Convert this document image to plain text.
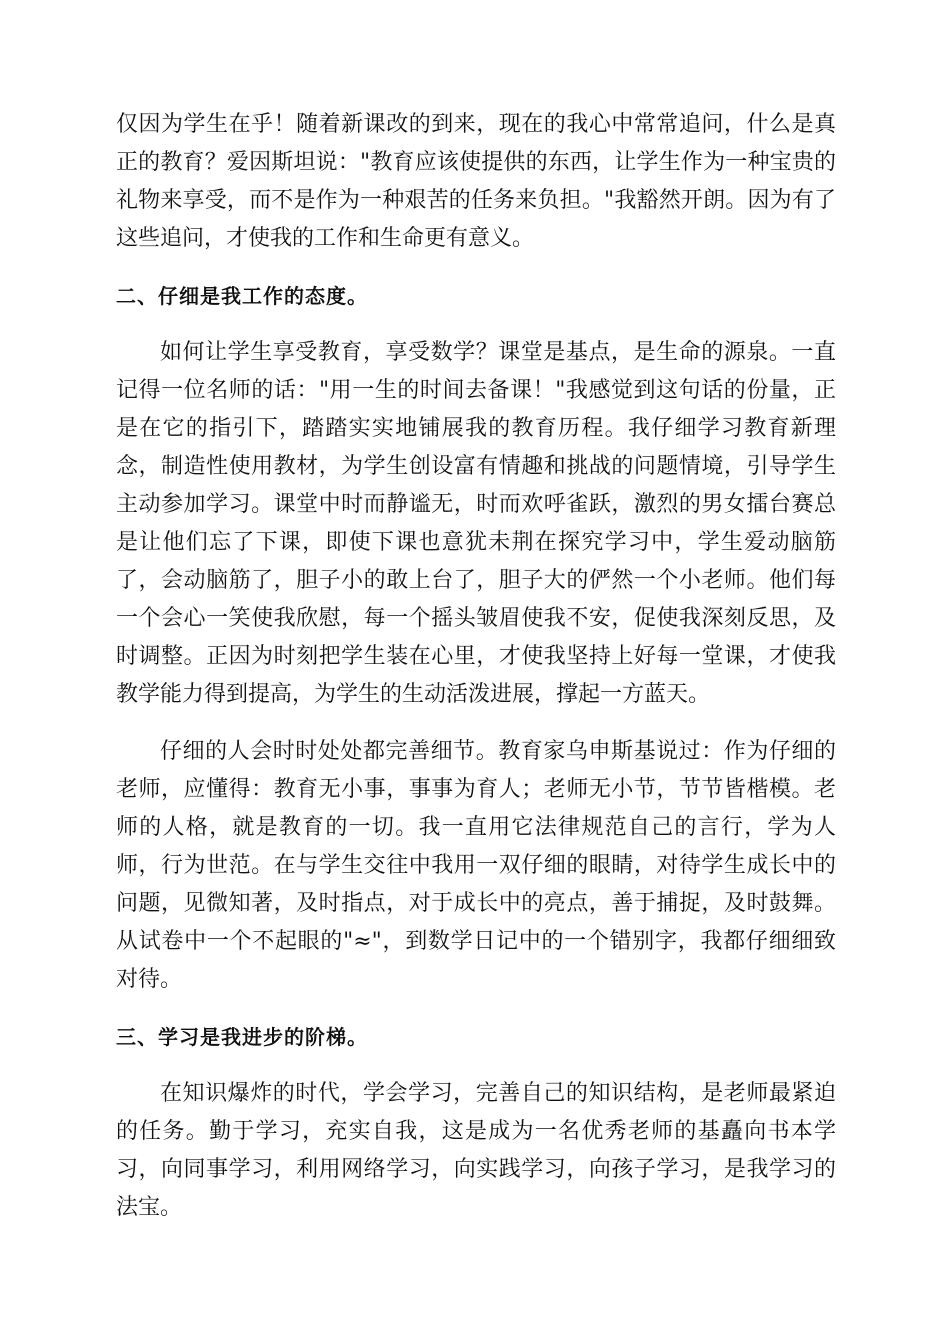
仅因为学生在乎！随着新课改的到来，现在的我心中常常追问，什么是真正的教育？爱因斯坦说："教育应该使提供的东西，让学生作为一种宝贵的礼物来享受，而不是作为一种艰苦的任务来负担。"我豁然开朗。因为有了这些追问，才使我的工作和生命更有意义。

二、仔细是我工作的态度。

如何让学生享受教育，享受数学？课堂是基点，是生命的源泉。一直记得一位名师的话："用一生的时间去备课！"我感觉到这句话的份量，正是在它的指引下，踏踏实实地铺展我的教育历程。我仔细学习教育新理念，制造性使用教材，为学生创设富有情趣和挑战的问题情境，引导学生主动参加学习。课堂中时而静谧无，时而欢呼雀跃，激烈的男女擂台赛总是让他们忘了下课，即使下课也意犹未荆在探究学习中，学生爱动脑筋了，会动脑筋了，胆子小的敢上台了，胆子大的俨然一个小老师。他们每一个会心一笑使我欣慰，每一个摇头皱眉使我不安，促使我深刻反思，及时调整。正因为时刻把学生装在心里，才使我坚持上好每一堂课，才使我教学能力得到提高，为学生的生动活泼进展，撑起一方蓝天。

仔细的人会时时处处都完善细节。教育家乌申斯基说过：作为仔细的老师，应懂得：教育无小事，事事为育人；老师无小节，节节皆楷模。老师的人格，就是教育的一切。我一直用它法律规范自己的言行，学为人师，行为世范。在与学生交往中我用一双仔细的眼睛，对待学生成长中的问题，见微知著，及时指点，对于成长中的亮点，善于捕捉，及时鼓舞。从试卷中一个不起眼的"≈"，到数学日记中的一个错别字，我都仔细细致对待。

三、学习是我进步的阶梯。

在知识爆炸的时代，学会学习，完善自己的知识结构，是老师最紧迫的任务。勤于学习，充实自我，这是成为一名优秀老师的基矗向书本学习，向同事学习，利用网络学习，向实践学习，向孩子学习，是我学习的法宝。
